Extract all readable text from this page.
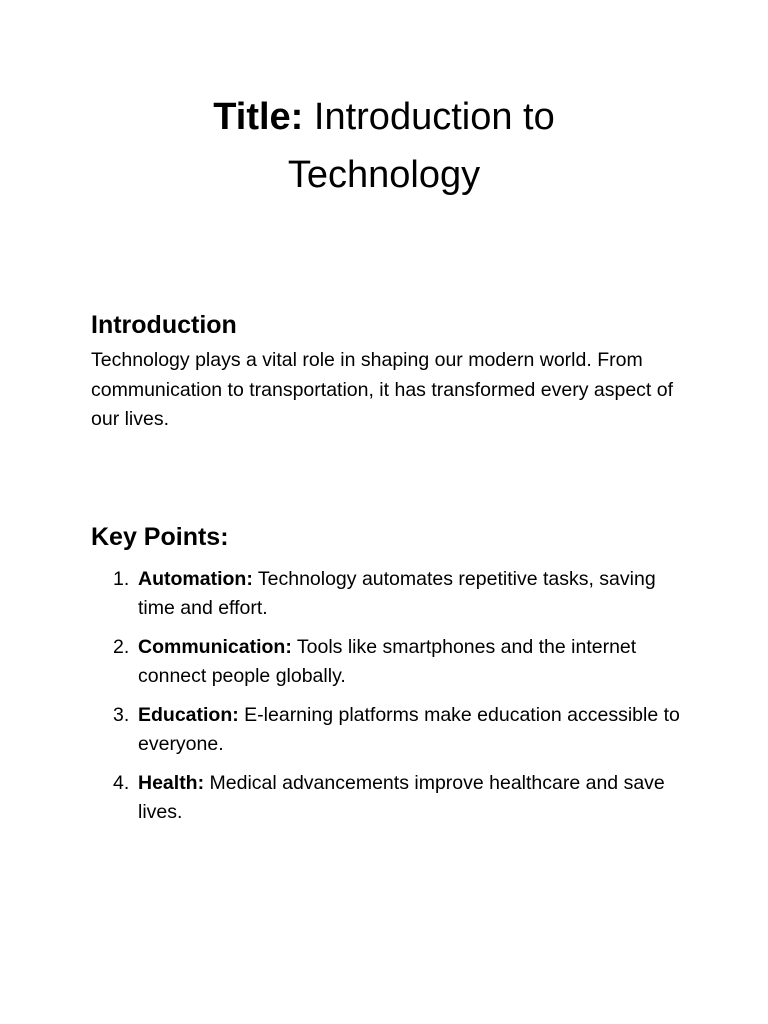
Title: Introduction to Technology
Introduction

Technology plays a vital role in shaping our modern world. From communication to transportation, it has transformed every aspect of our lives.

Key Points:
1. Automation: Technology automates repetitive tasks, saving time and effort.
2. Communication: Tools like smartphones and the internet connect people globally.
3. Education: E-learning platforms make education accessible to everyone.
4. Health: Medical advancements improve healthcare and save lives.
